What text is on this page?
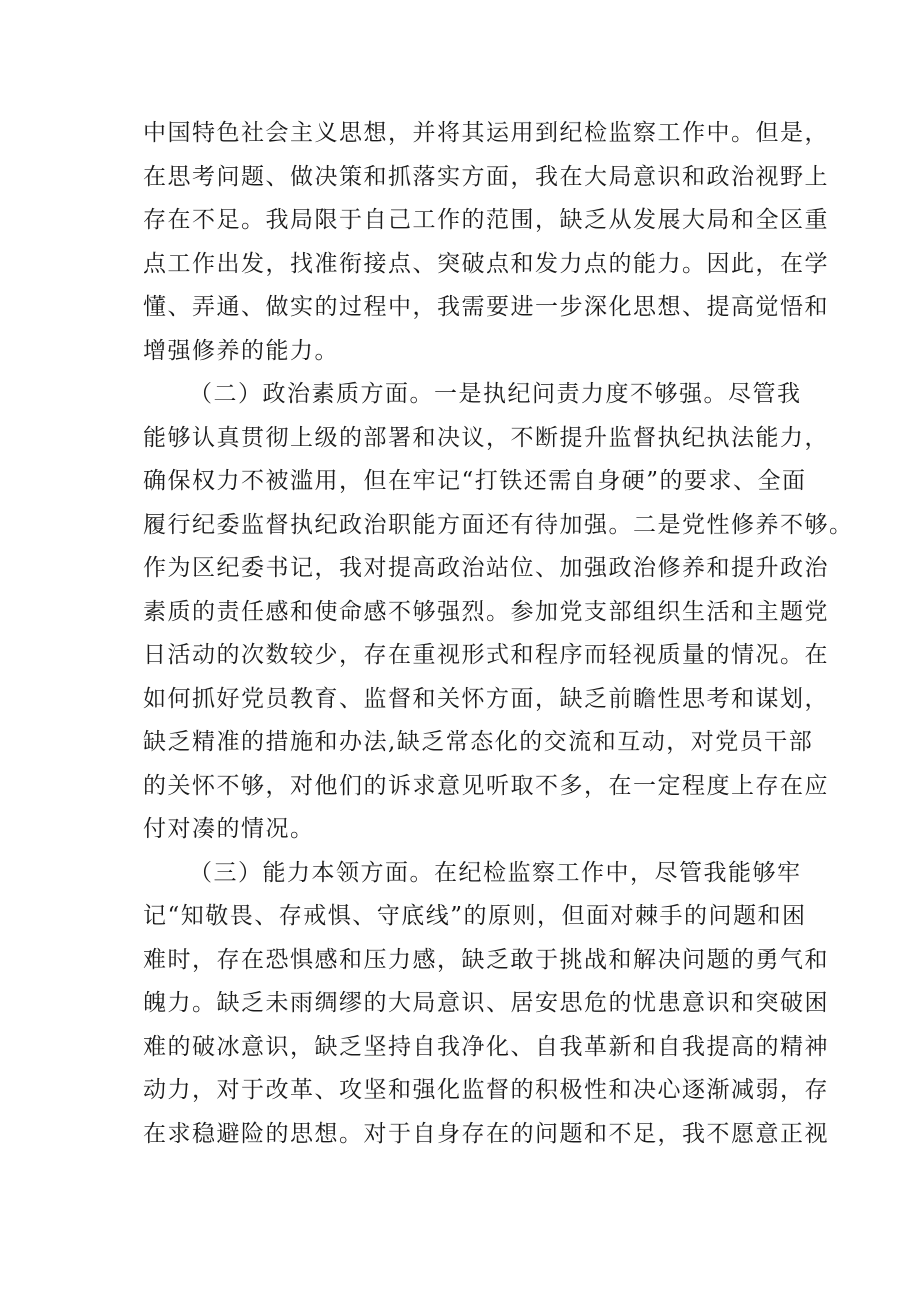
中国特色社会主义思想，并将其运用到纪检监察工作中。但是，
在思考问题、做决策和抓落实方面，我在大局意识和政治视野上
存在不足。我局限于自己工作的范围，缺乏从发展大局和全区重
点工作出发，找准衔接点、突破点和发力点的能力。因此，在学
懂、弄通、做实的过程中，我需要进一步深化思想、提高觉悟和
增强修养的能力。
（二）政治素质方面。一是执纪问责力度不够强。尽管我
能够认真贯彻上级的部署和决议，不断提升监督执纪执法能力，
确保权力不被滥用，但在牢记“打铁还需自身硬”的要求、全面
履行纪委监督执纪政治职能方面还有待加强。二是党性修养不够。
作为区纪委书记，我对提高政治站位、加强政治修养和提升政治
素质的责任感和使命感不够强烈。参加党支部组织生活和主题党
日活动的次数较少，存在重视形式和程序而轻视质量的情况。在
如何抓好党员教育、监督和关怀方面，缺乏前瞻性思考和谋划，
缺乏精准的措施和办法,缺乏常态化的交流和互动，对党员干部
的关怀不够，对他们的诉求意见听取不多，在一定程度上存在应
付对凑的情况。
（三）能力本领方面。在纪检监察工作中，尽管我能够牢
记“知敬畏、存戒惧、守底线”的原则，但面对棘手的问题和困
难时，存在恐惧感和压力感，缺乏敢于挑战和解决问题的勇气和
魄力。缺乏未雨绸缪的大局意识、居安思危的忧患意识和突破困
难的破冰意识，缺乏坚持自我净化、自我革新和自我提高的精神
动力，对于改革、攻坚和强化监督的积极性和决心逐渐减弱，存
在求稳避险的思想。对于自身存在的问题和不足，我不愿意正视
